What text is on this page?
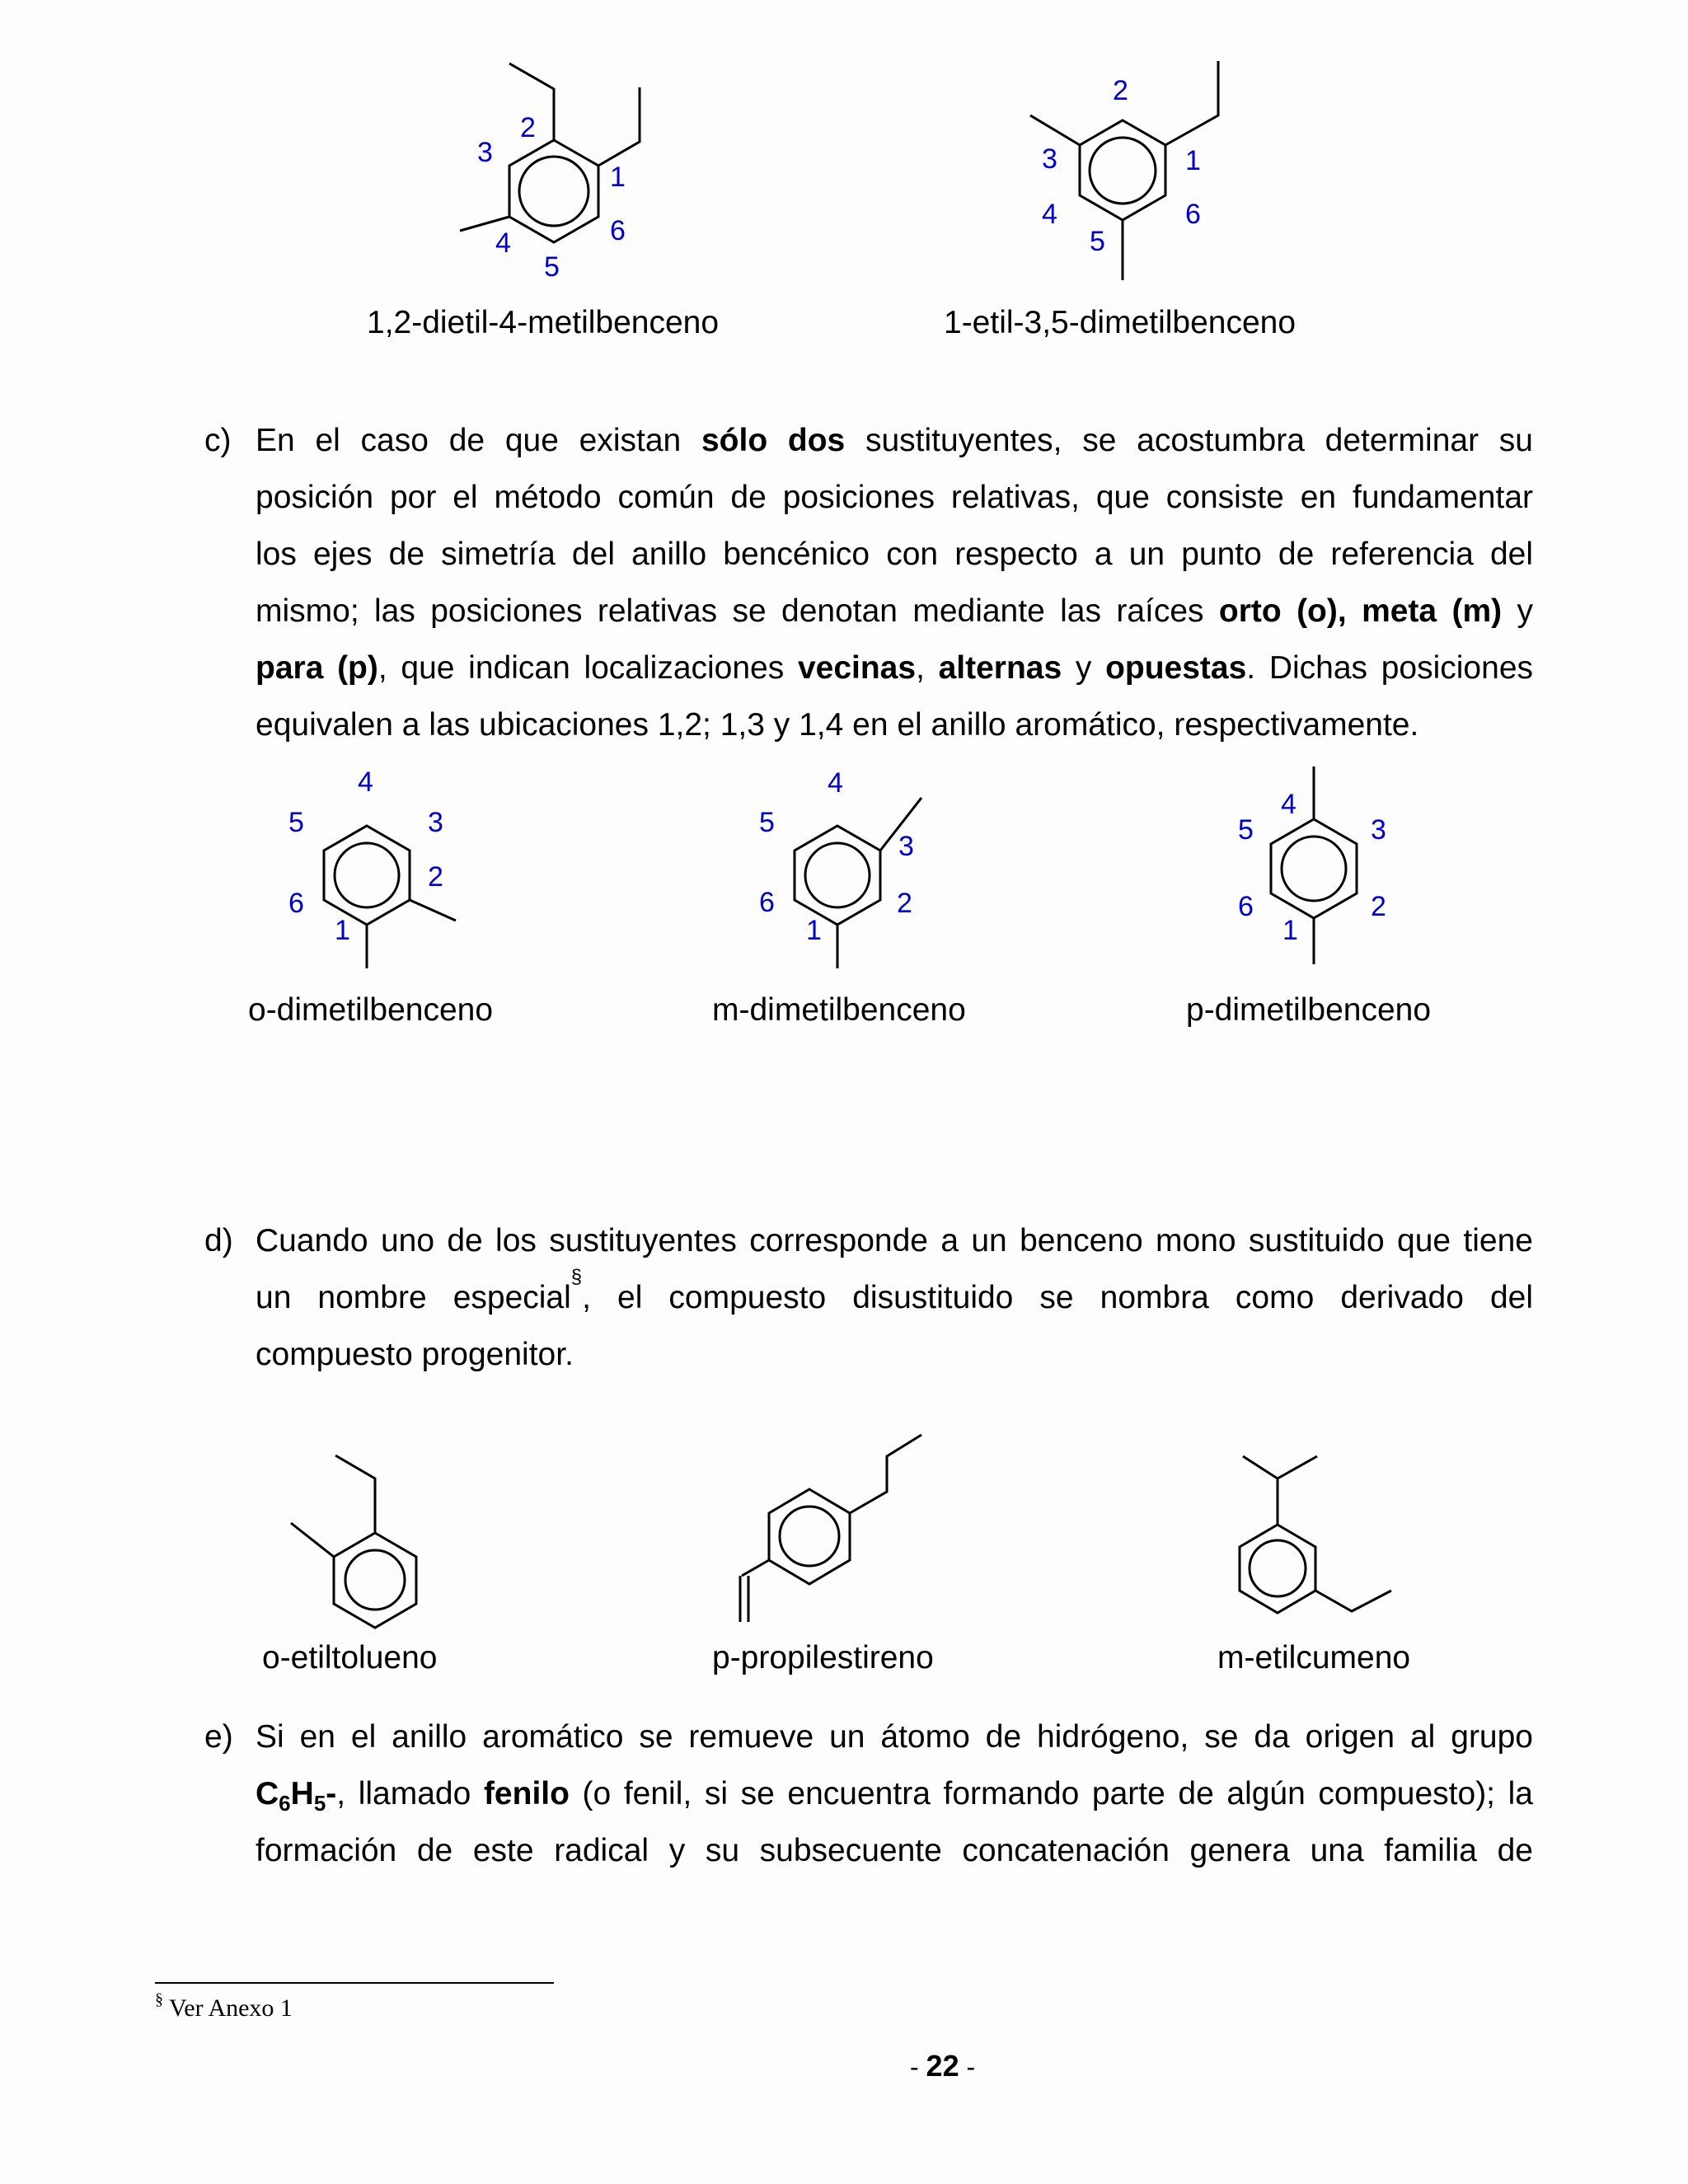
1
2
3
4
5
6
1,2-dietil-4-metilbenceno
1
2
3
4
5
6
1-etil-3,5-dimetilbenceno
c) En el caso de que existan sólo dos sustituyentes, se acostumbra determinar su
posición por el método común de posiciones relativas, que consiste en fundamentar
los ejes de simetría del anillo bencénico con respecto a un punto de referencia del
mismo; las posiciones relativas se denotan mediante las raíces orto (o), meta (m) y
para (p), que indican localizaciones vecinas, alternas y opuestas. Dichas posiciones
equivalen a las ubicaciones 1,2; 1,3 y 1,4 en el anillo aromático, respectivamente.
1
2
3
4
5
6
o-dimetilbenceno
1
2
3
4
5
6
m-dimetilbenceno
1
2
3
4
5
6
p-dimetilbenceno
d) Cuando uno de los sustituyentes corresponde a un benceno mono sustituido que tiene
un nombre especial§, el compuesto disustituido se nombra como derivado del
compuesto progenitor.
o-etiltolueno	p-propilestireno	m-etilcumeno
e) Si en el anillo aromático se remueve un átomo de hidrógeno, se da origen al grupo
$C_6H_5-$, llamado fenilo (o fenil, si se encuentra formando parte de algún compuesto); la
formación de este radical y su subsecuente concatenación genera una familia de
§ Ver Anexo 1
- 22 -
